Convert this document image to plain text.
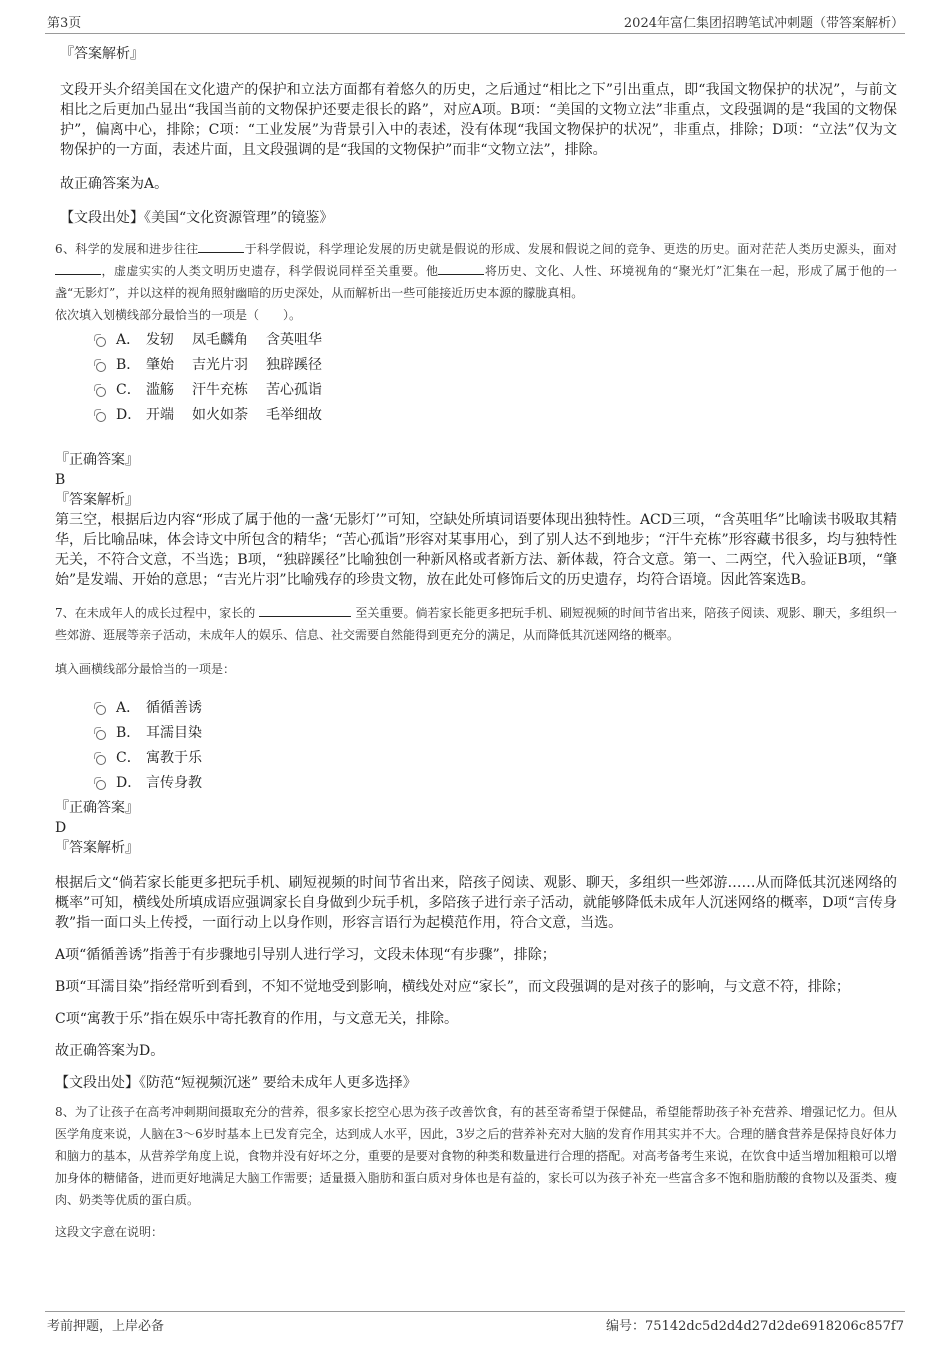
第3页	2024年富仁集团招聘笔试冲刺题（带答案解析）

『答案解析』

文段开头介绍美国在文化遗产的保护和立法方面都有着悠久的历史，之后通过“相比之下”引出重点，即“我国文物保护的状况”，与前文相比之后更加凸显出“我国当前的文物保护还要走很长的路”，对应A项。B项：“美国的文物立法”非重点，文段强调的是“我国的文物保护”，偏离中心，排除；C项：“工业发展”为背景引入中的表述，没有体现“我国文物保护的状况”，非重点，排除；D项：“立法”仅为文物保护的一方面，表述片面，且文段强调的是“我国的文物保护”而非“文物立法”，排除。

故正确答案为A。

【文段出处】《美国“文化资源管理”的镜鉴》

6、科学的发展和进步往往	于科学假说，科学理论发展的历史就是假说的形成、发展和假说之间的竞争、更迭的历史。面对茫茫人类历史源头，面对，虚虚实实的人类文明历史遗存，科学假说同样至关重要。他	将历史、文化、人性、环境视角的“聚光灯”汇集在一起，形成了属于他的一盏“无影灯”，并以这样的视角照射幽暗的历史深处，从而解析出一些可能接近历史本源的朦胧真相。

依次填入划横线部分最恰当的一项是（　　）。

A． 发轫 凤毛麟角 含英咀华
B． 肇始 吉光片羽 独辟蹊径
C． 滥觞 汗牛充栋 苦心孤诣
D． 开端 如火如荼 毛举细故

『正确答案』

B

『答案解析』

第三空，根据后边内容“形成了属于他的一盏‘无影灯’”可知，空缺处所填词语要体现出独特性。ACD三项，“含英咀华”比喻读书吸取其精华，后比喻品味，体会诗文中所包含的精华；“苦心孤诣”形容对某事用心，到了别人达不到地步；“汗牛充栋”形容藏书很多，均与独特性无关，不符合文意，不当选；B项，“独辟蹊径”比喻独创一种新风格或者新方法、新体裁，符合文意。第一、二两空，代入验证B项，“肇始”是发端、开始的意思；“吉光片羽”比喻残存的珍贵文物，放在此处可修饰后文的历史遗存，均符合语境。因此答案选B。

7、在未成年人的成长过程中，家长的	至关重要。倘若家长能更多把玩手机、刷短视频的时间节省出来，陪孩子阅读、观影、聊天，多组织一些郊游、逛展等亲子活动，未成年人的娱乐、信息、社交需要自然能得到更充分的满足，从而降低其沉迷网络的概率。

填入画横线部分最恰当的一项是：

A． 循循善诱
B． 耳濡目染
C． 寓教于乐
D． 言传身教

『正确答案』

D

『答案解析』

根据后文“倘若家长能更多把玩手机、刷短视频的时间节省出来，陪孩子阅读、观影、聊天，多组织一些郊游……从而降低其沉迷网络的概率”可知，横线处所填成语应强调家长自身做到少玩手机，多陪孩子进行亲子活动，就能够降低未成年人沉迷网络的概率，D项“言传身教”指一面口头上传授，一面行动上以身作则，形容言语行为起模范作用，符合文意，当选。

A项“循循善诱”指善于有步骤地引导别人进行学习，文段未体现“有步骤”，排除；

B项“耳濡目染”指经常听到看到，不知不觉地受到影响，横线处对应“家长”，而文段强调的是对孩子的影响，与文意不符，排除；

C项“寓教于乐”指在娱乐中寄托教育的作用，与文意无关，排除。

故正确答案为D。

【文段出处】《防范“短视频沉迷” 要给未成年人更多选择》

8、为了让孩子在高考冲刺期间摄取充分的营养，很多家长挖空心思为孩子改善饮食，有的甚至寄希望于保健品，希望能帮助孩子补充营养、增强记忆力。但从医学角度来说，人脑在3～6岁时基本上已发育完全，达到成人水平，因此，3岁之后的营养补充对大脑的发育作用其实并不大。合理的膳食营养是保持良好体力和脑力的基本，从营养学角度上说，食物并没有好坏之分，重要的是要对食物的种类和数量进行合理的搭配。对高考备考生来说，在饮食中适当增加粗粮可以增加身体的糖储备，进而更好地满足大脑工作需要；适量摄入脂肪和蛋白质对身体也是有益的，家长可以为孩子补充一些富含多不饱和脂肪酸的食物以及蛋类、瘦肉、奶类等优质的蛋白质。

这段文字意在说明：

考前押题，上岸必备	编号：75142dc5d2d4d27d2de6918206c857f7
